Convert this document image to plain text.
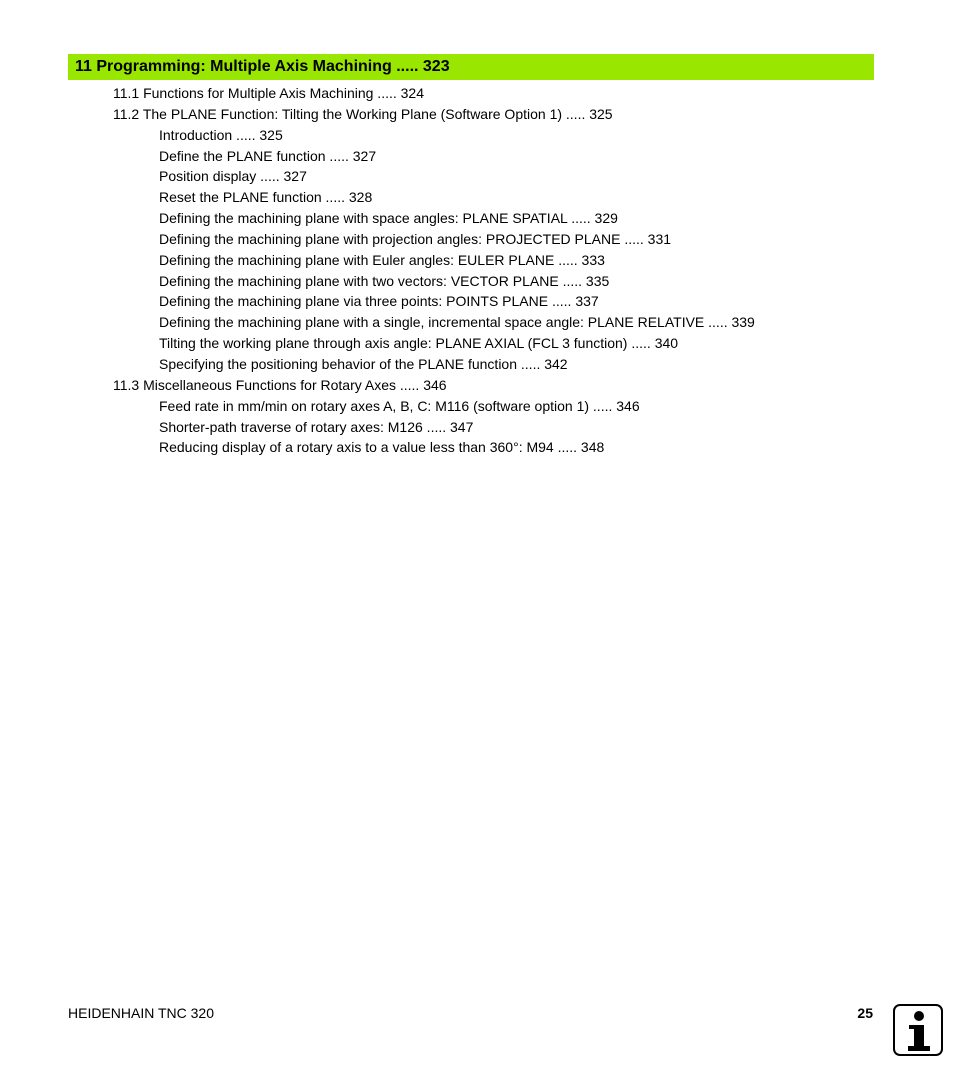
11 Programming: Multiple Axis Machining ..... 323
11.1 Functions for Multiple Axis Machining ..... 324
11.2 The PLANE Function: Tilting the Working Plane (Software Option 1) ..... 325
Introduction ..... 325
Define the PLANE function ..... 327
Position display ..... 327
Reset the PLANE function ..... 328
Defining the machining plane with space angles: PLANE SPATIAL ..... 329
Defining the machining plane with projection angles: PROJECTED PLANE ..... 331
Defining the machining plane with Euler angles: EULER PLANE ..... 333
Defining the machining plane with two vectors: VECTOR PLANE ..... 335
Defining the machining plane via three points: POINTS PLANE ..... 337
Defining the machining plane with a single, incremental space angle: PLANE RELATIVE ..... 339
Tilting the working plane through axis angle: PLANE AXIAL (FCL 3 function) ..... 340
Specifying the positioning behavior of the PLANE function ..... 342
11.3 Miscellaneous Functions for Rotary Axes ..... 346
Feed rate in mm/min on rotary axes A, B, C: M116 (software option 1) ..... 346
Shorter-path traverse of rotary axes: M126 ..... 347
Reducing display of a rotary axis to a value less than 360°: M94 ..... 348
HEIDENHAIN TNC 320	25
